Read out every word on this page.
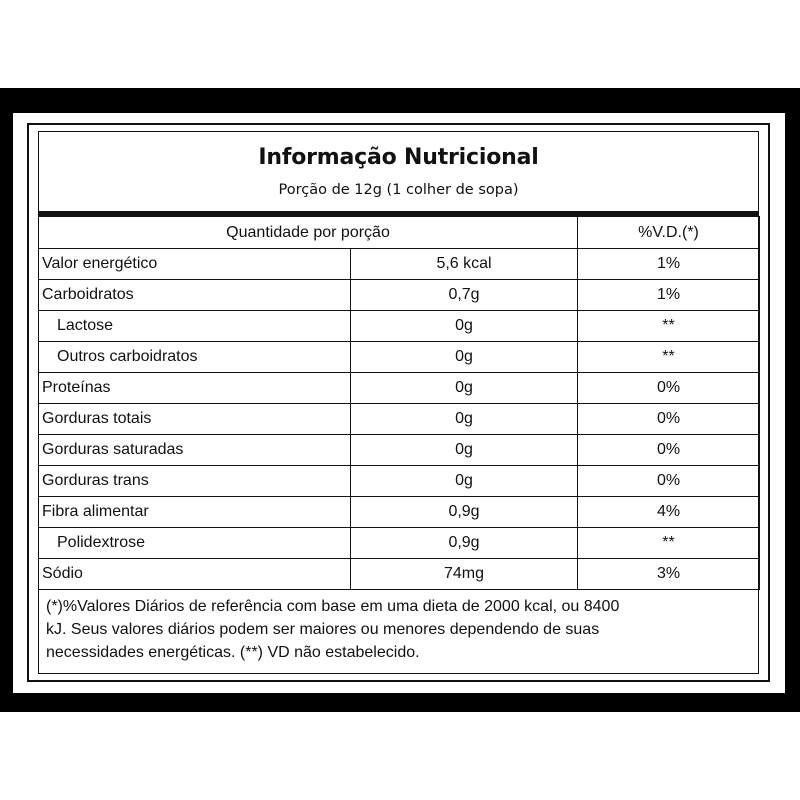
Informação Nutricional
Porção de 12g (1 colher de sopa)
Quantidade por porção		%V.D.(*)
Valor energético	5,6 kcal	1%
Carboidratos	0,7g	1%
Lactose	0g	**
Outros carboidratos	0g	**
Proteínas	0g	0%
Gorduras totais	0g	0%
Gorduras saturadas	0g	0%
Gorduras trans	0g	0%
Fibra alimentar	0,9g	4%
Polidextrose	0,9g	**
Sódio	74mg	3%
(*)%Valores Diários de referência com base em uma dieta de 2000 kcal, ou 8400
kJ. Seus valores diários podem ser maiores ou menores dependendo de suas
necessidades energéticas. (**) VD não estabelecido.
